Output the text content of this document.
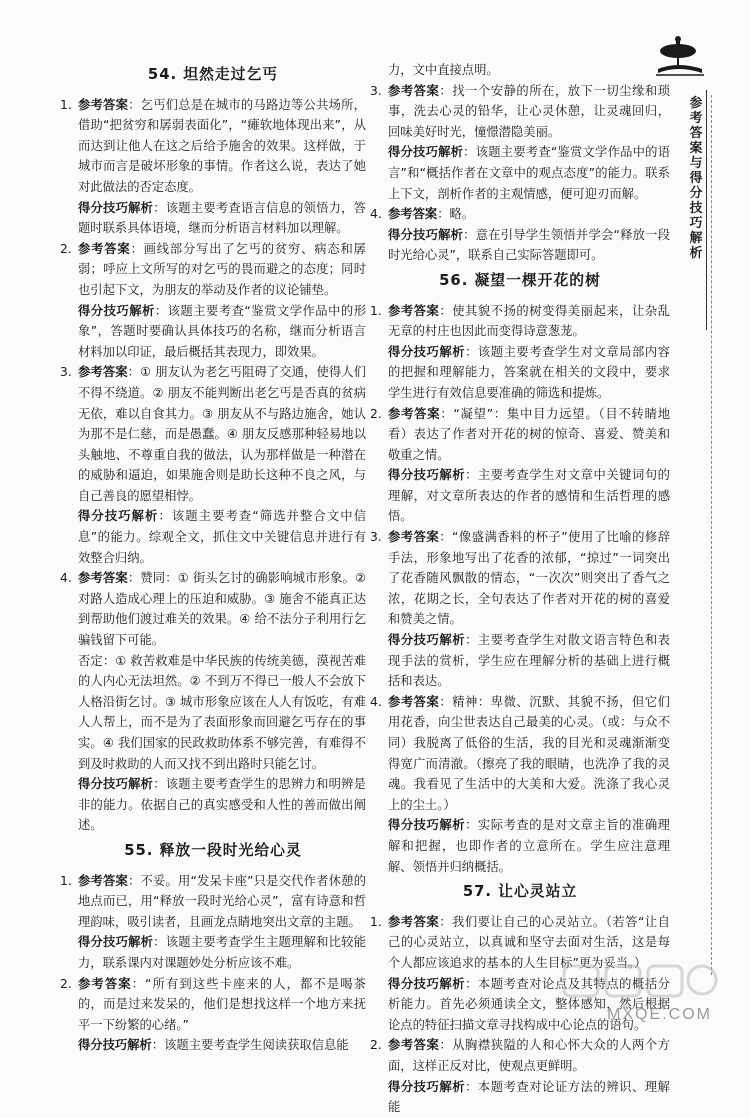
参考答案与得分技巧解析
54. 坦然走过乞丐
1. 参考答案：乞丐们总是在城市的马路边等公共场所，借助“把贫穷和孱弱表面化”，“瘫软地体现出来”，从而达到让他人在这之后给予施舍的效果。这样做，于城市而言是破坏形象的事情。作者这么说，表达了她对此做法的否定态度。

得分技巧解析：该题主要考查语言信息的领悟力，答题时联系具体语境，继而分析语言材料加以理解。

2. 参考答案：画线部分写出了乞丐的贫穷、病态和孱弱；呼应上文所写的对乞丐的畏而避之的态度；同时也引起下文，为朋友的举动及作者的议论铺垫。

得分技巧解析：该题主要考查“鉴赏文学作品中的形象”，答题时要确认具体技巧的名称，继而分析语言材料加以印证，最后概括其表现力，即效果。

3. 参考答案：① 朋友认为老乞丐阻碍了交通，使得人们不得不绕道。② 朋友不能判断出老乞丐是否真的贫病无依，难以自食其力。③ 朋友从不与路边施舍，她认为那不是仁慈，而是愚蠢。④ 朋友反感那种轻易地以头触地、不尊重自我的做法，认为那样做是一种潜在的威胁和逼迫，如果施舍则是助长这种不良之风，与自己善良的愿望相悖。

得分技巧解析：该题主要考查“筛选并整合文中信息”的能力。综观全文，抓住文中关键信息并进行有效整合归纳。

4. 参考答案：赞同：① 街头乞讨的确影响城市形象。② 对路人造成心理上的压迫和威胁。③ 施舍不能真正达到帮助他们渡过难关的效果。④ 给不法分子利用行乞骗钱留下可能。

否定：① 救苦救难是中华民族的传统美德，漠视苦难的人内心无法坦然。② 不到万不得已一般人不会放下人格沿街乞讨。③ 城市形象应该在人人有饭吃，有难人人帮上，而不是为了表面形象而回避乞丐存在的事实。④ 我们国家的民政救助体系不够完善，有难得不到及时救助的人而又找不到出路时只能乞讨。

得分技巧解析：该题主要考查学生的思辨力和明辨是非的能力。依据自己的真实感受和人性的善而做出阐述。

55. 释放一段时光给心灵
1. 参考答案：不妥。用“发呆卡座”只是交代作者休憩的地点而已，用“释放一段时光给心灵”，富有诗意和哲理韵味，吸引读者，且画龙点睛地突出文章的主题。

得分技巧解析：该题主要考查学生主题理解和比较能力，联系课内对课题妙处分析应该不难。

2. 参考答案：“所有到这些卡座来的人，都不是喝茶的，而是过来发呆的，他们是想找这样一个地方来抚平一下纷繁的心绪。”

得分技巧解析：该题主要考查学生阅读获取信息能

力，文中直接点明。

3. 参考答案：找一个安静的所在，放下一切尘缘和琐事，洗去心灵的铅华，让心灵休憩，让灵魂回归，回味美好时光，憧憬潜隐美丽。

得分技巧解析：该题主要考查“鉴赏文学作品中的语言”和“概括作者在文章中的观点态度”的能力。联系上下文，剖析作者的主观情感，便可迎刃而解。

4. 参考答案：略。

得分技巧解析：意在引导学生领悟并学会“释放一段时光给心灵”，联系自己实际答题即可。

56. 凝望一棵开花的树
1. 参考答案：使其貌不扬的树变得美丽起来，让杂乱无章的村庄也因此而变得诗意葱茏。

得分技巧解析：该题主要考查学生对文章局部内容的把握和理解能力，答案就在相关的文段中，要求学生进行有效信息要准确的筛选和提炼。

2. 参考答案：“凝望”：集中目力远望。（目不转睛地看）表达了作者对开花的树的惊奇、喜爱、赞美和敬重之情。

得分技巧解析：主要考查学生对文章中关键词句的理解，对文章所表达的作者的感情和生活哲理的感悟。

3. 参考答案：“像盛满香料的杯子”使用了比喻的修辞手法，形象地写出了花香的浓郁，“掠过”一词突出了花香随风飘散的情态，“一次次”则突出了香气之浓，花期之长，全句表达了作者对开花的树的喜爱和赞美之情。

得分技巧解析：主要考查学生对散文语言特色和表现手法的赏析，学生应在理解分析的基础上进行概括和表达。

4. 参考答案：精神：卑微、沉默、其貌不扬，但它们用花香，向尘世表达自己最美的心灵。（或：与众不同）我脱离了低俗的生活，我的目光和灵魂渐渐变得宽广而清澈。（擦亮了我的眼睛，也洗净了我的灵魂。我看见了生活中的大美和大爱。洗涤了我心灵上的尘土。）

得分技巧解析：实际考查的是对文章主旨的准确理解和把握，也即作者的立意所在。学生应注意理解、领悟并归纳概括。

57. 让心灵站立
1. 参考答案：我们要让自己的心灵站立。（若答“让自己的心灵站立，以真诚和坚守去面对生活，这是每个人都应该追求的基本的人生目标”更为妥当。）

得分技巧解析：本题考查对论点及其特点的概括分析能力。首先必须通读全文，整体感知，然后根据论点的特征扫描文章寻找构成中心论点的语句。

2. 参考答案：从胸襟狭隘的人和心怀大众的人两个方面，这样正反对比，使观点更鲜明。

得分技巧解析：本题考查对论证方法的辨识、理解能

MXQE.COM
